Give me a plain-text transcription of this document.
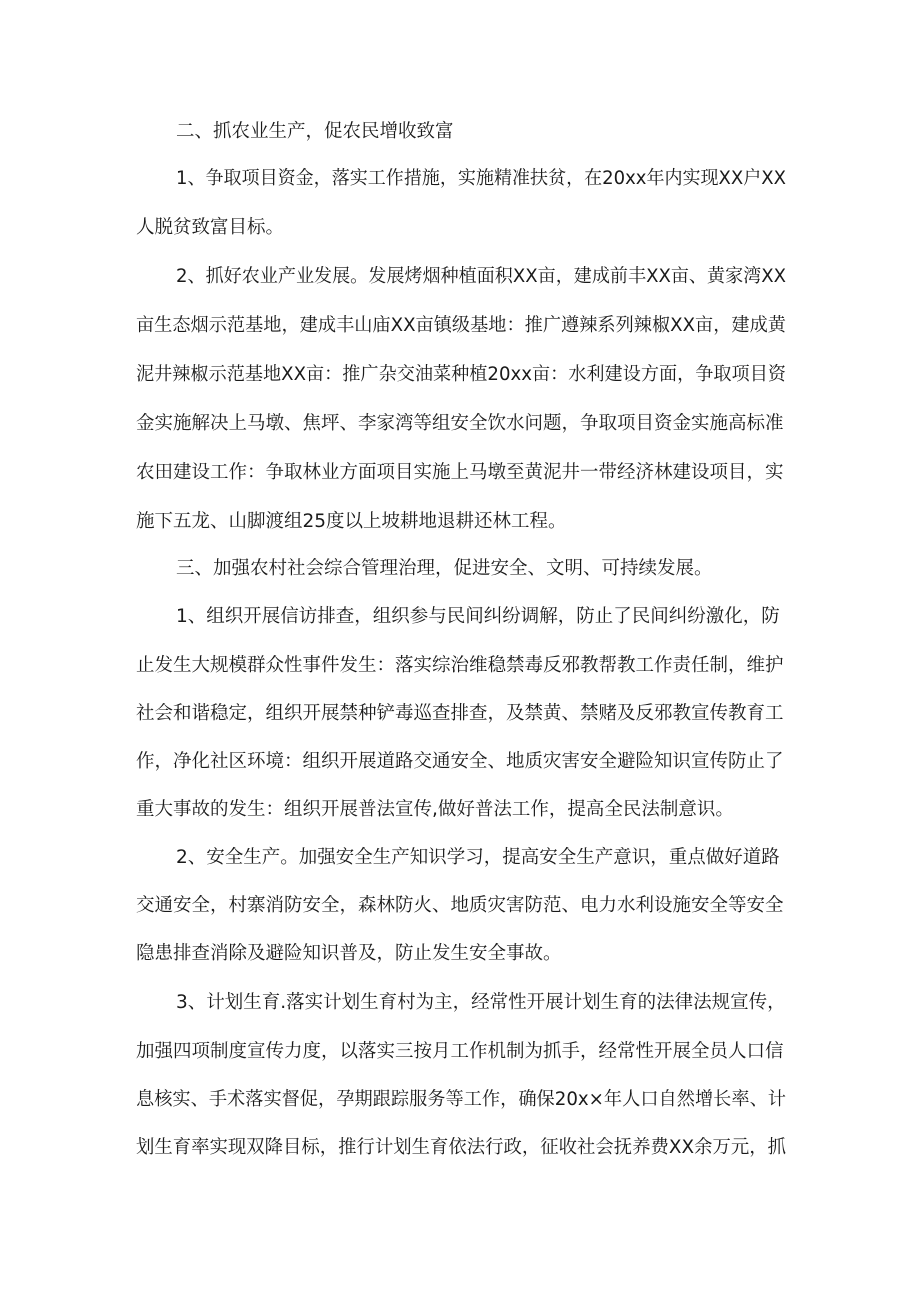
二、抓农业生产，促农民增收致富
1、争取项目资金，落实工作措施，实施精准扶贫，在20xx年内实现XX户XX
人脱贫致富目标。
2、抓好农业产业发展。发展烤烟种植面积XX亩，建成前丰XX亩、黄家湾XX
亩生态烟示范基地，建成丰山庙XX亩镇级基地：推广遵辣系列辣椒XX亩，建成黄
泥井辣椒示范基地XX亩：推广杂交油菜种植20xx亩：水利建设方面，争取项目资
金实施解决上马墩、焦坪、李家湾等组安全饮水问题，争取项目资金实施高标准
农田建设工作：争取林业方面项目实施上马墩至黄泥井一带经济林建设项目，实
施下五龙、山脚渡组25度以上坡耕地退耕还林工程。
三、加强农村社会综合管理治理，促进安全、文明、可持续发展。
1、组织开展信访排查，组织参与民间纠纷调解，防止了民间纠纷激化，防
止发生大规模群众性事件发生：落实综治维稳禁毒反邪教帮教工作责任制，维护
社会和谐稳定，组织开展禁种铲毒巡查排查，及禁黄、禁赌及反邪教宣传教育工
作，净化社区环境：组织开展道路交通安全、地质灾害安全避险知识宣传防止了
重大事故的发生：组织开展普法宣传,做好普法工作，提高全民法制意识。
2、安全生产。加强安全生产知识学习，提高安全生产意识，重点做好道路
交通安全，村寨消防安全，森林防火、地质灾害防范、电力水利设施安全等安全
隐患排查消除及避险知识普及，防止发生安全事故。
3、计划生育.落实计划生育村为主，经常性开展计划生育的法律法规宣传，
加强四项制度宣传力度，以落实三按月工作机制为抓手，经常性开展全员人口信
息核实、手术落实督促，孕期跟踪服务等工作，确保20x×年人口自然增长率、计
划生育率实现双降目标，推行计划生育依法行政，征收社会抚养费XX余万元，抓
